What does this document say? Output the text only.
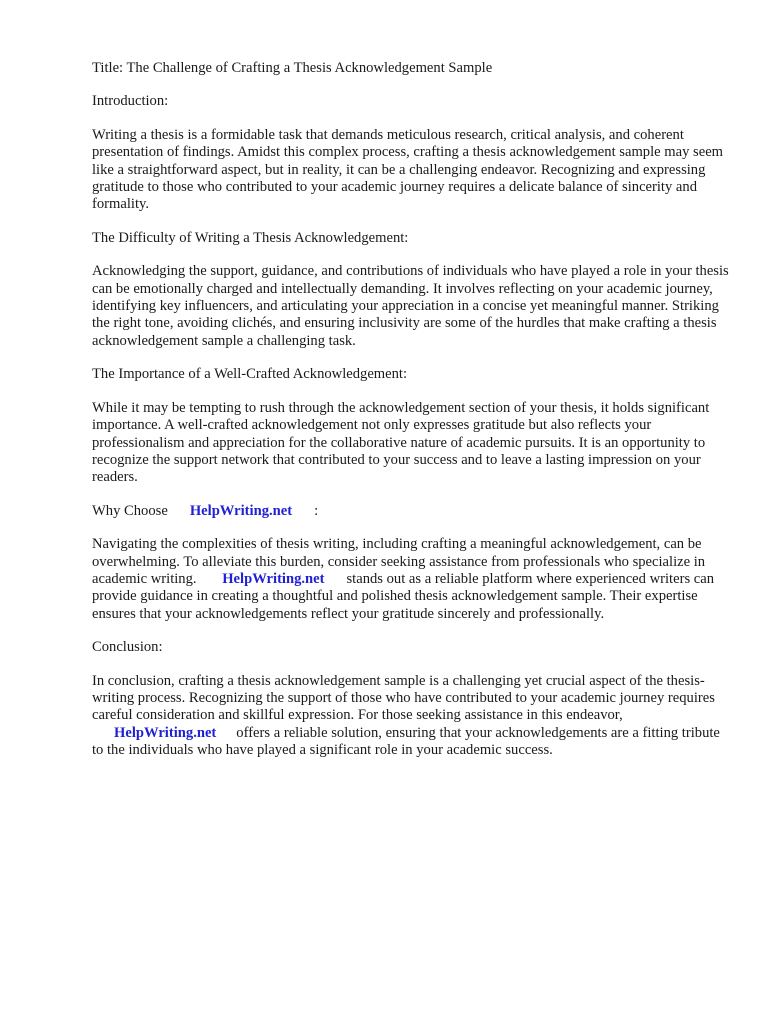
Title: The Challenge of Crafting a Thesis Acknowledgement Sample

Introduction:

Writing a thesis is a formidable task that demands meticulous research, critical analysis, and coherent presentation of findings. Amidst this complex process, crafting a thesis acknowledgement sample may seem like a straightforward aspect, but in reality, it can be a challenging endeavor. Recognizing and expressing gratitude to those who contributed to your academic journey requires a delicate balance of sincerity and formality.

The Difficulty of Writing a Thesis Acknowledgement:

Acknowledging the support, guidance, and contributions of individuals who have played a role in your thesis can be emotionally charged and intellectually demanding. It involves reflecting on your academic journey, identifying key influencers, and articulating your appreciation in a concise yet meaningful manner. Striking the right tone, avoiding clichés, and ensuring inclusivity are some of the hurdles that make crafting a thesis acknowledgement sample a challenging task.

The Importance of a Well-Crafted Acknowledgement:

While it may be tempting to rush through the acknowledgement section of your thesis, it holds significant importance. A well-crafted acknowledgement not only expresses gratitude but also reflects your professionalism and appreciation for the collaborative nature of academic pursuits. It is an opportunity to recognize the support network that contributed to your success and to leave a lasting impression on your readers.

Why Choose HelpWriting.net :

Navigating the complexities of thesis writing, including crafting a meaningful acknowledgement, can be overwhelming. To alleviate this burden, consider seeking assistance from professionals who specialize in academic writing. HelpWriting.net stands out as a reliable platform where experienced writers can provide guidance in creating a thoughtful and polished thesis acknowledgement sample. Their expertise ensures that your acknowledgements reflect your gratitude sincerely and professionally.

Conclusion:

In conclusion, crafting a thesis acknowledgement sample is a challenging yet crucial aspect of the thesis-writing process. Recognizing the support of those who have contributed to your academic journey requires careful consideration and skillful expression. For those seeking assistance in this endeavor, HelpWriting.net offers a reliable solution, ensuring that your acknowledgements are a fitting tribute to the individuals who have played a significant role in your academic success.
